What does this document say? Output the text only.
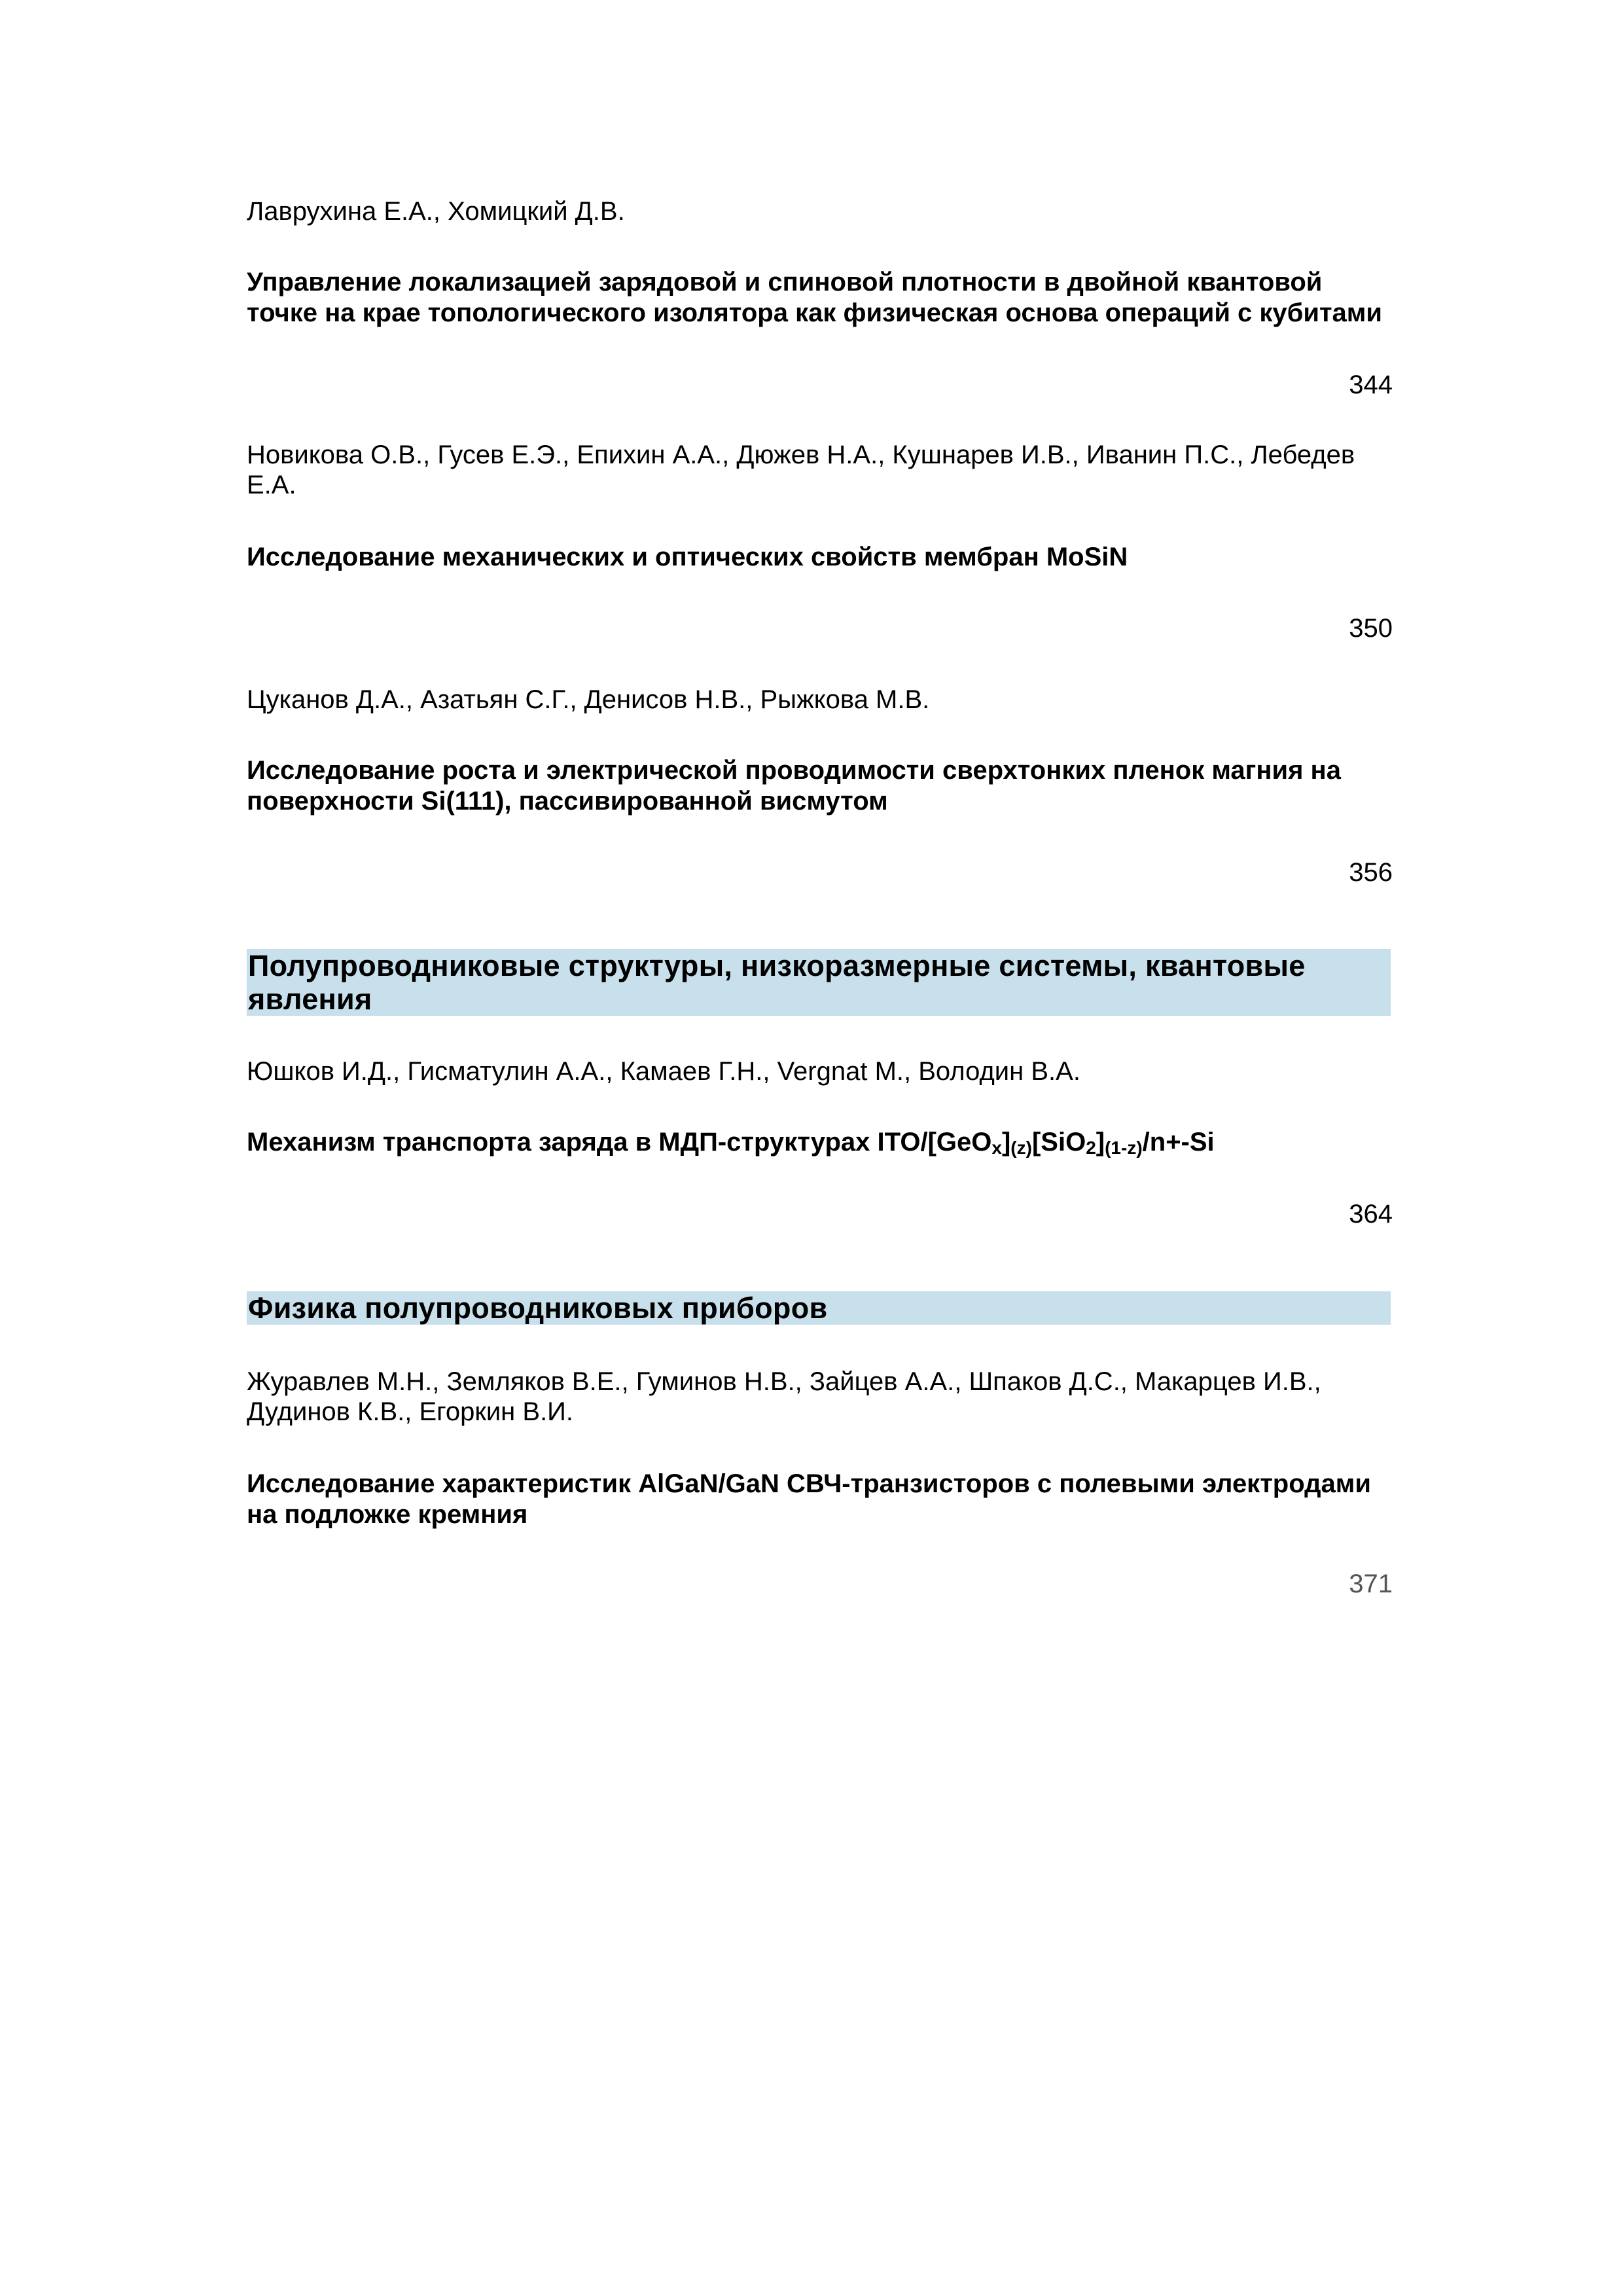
Лаврухина Е.А., Хомицкий Д.В.
Управление локализацией зарядовой и спиновой плотности в двойной квантовой
точке на крае топологического изолятора как физическая основа операций с кубитами
344
Новикова О.В., Гусев Е.Э., Епихин А.А., Дюжев Н.А., Кушнарев И.В., Иванин П.С., Лебедев
Е.А.
Исследование механических и оптических свойств мембран MoSiN
350
Цуканов Д.А., Азатьян С.Г., Денисов Н.В., Рыжкова М.В.
Исследование роста и электрической проводимости сверхтонких пленок магния на
поверхности Si(111), пассивированной висмутом
356
Полупроводниковые структуры, низкоразмерные системы, квантовые
явления
Юшков И.Д., Гисматулин А.А., Камаев Г.Н., Vergnat M., Володин В.А.
Механизм транспорта заряда в МДП-структурах ITO/$[GeO_x]_{(z)}[SiO_2]_{(1-z)}/n+-Si$
364
Физика полупроводниковых приборов
Журавлев М.Н., Земляков В.Е., Гуминов Н.В., Зайцев А.А., Шпаков Д.С., Макарцев И.В.,
Дудинов К.В., Егоркин В.И.
Исследование характеристик AlGaN/GaN СВЧ-транзисторов с полевыми электродами
на подложке кремния
371
